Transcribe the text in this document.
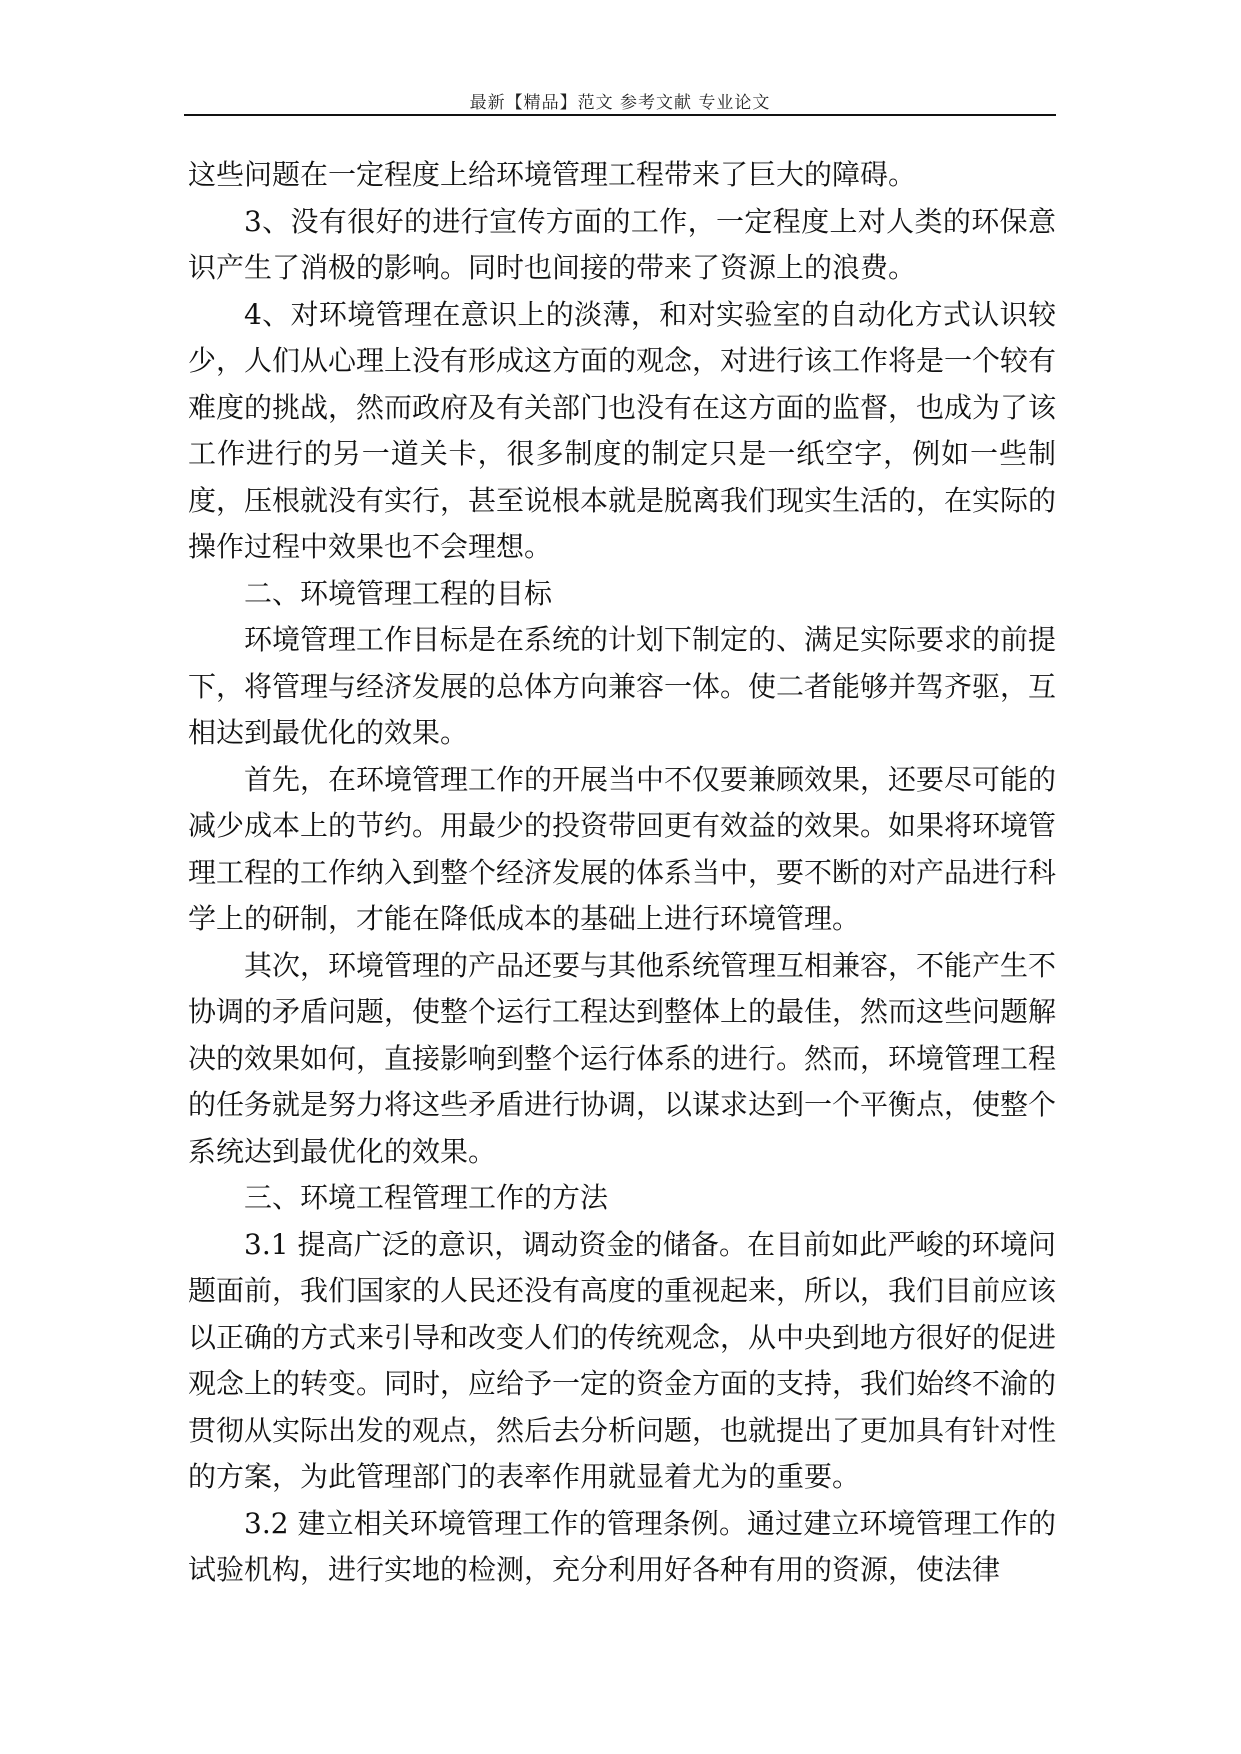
最新【精品】范文 参考文献 专业论文

这些问题在一定程度上给环境管理工程带来了巨大的障碍。

3、没有很好的进行宣传方面的工作，一定程度上对人类的环保意识产生了消极的影响。同时也间接的带来了资源上的浪费。

4、对环境管理在意识上的淡薄，和对实验室的自动化方式认识较少，人们从心理上没有形成这方面的观念，对进行该工作将是一个较有难度的挑战，然而政府及有关部门也没有在这方面的监督，也成为了该工作进行的另一道关卡，很多制度的制定只是一纸空字，例如一些制度，压根就没有实行，甚至说根本就是脱离我们现实生活的，在实际的操作过程中效果也不会理想。

二、环境管理工程的目标

环境管理工作目标是在系统的计划下制定的、满足实际要求的前提下，将管理与经济发展的总体方向兼容一体。使二者能够并驾齐驱，互相达到最优化的效果。

首先，在环境管理工作的开展当中不仅要兼顾效果，还要尽可能的减少成本上的节约。用最少的投资带回更有效益的效果。如果将环境管理工程的工作纳入到整个经济发展的体系当中，要不断的对产品进行科学上的研制，才能在降低成本的基础上进行环境管理。

其次，环境管理的产品还要与其他系统管理互相兼容，不能产生不协调的矛盾问题，使整个运行工程达到整体上的最佳，然而这些问题解决的效果如何，直接影响到整个运行体系的进行。然而，环境管理工程的任务就是努力将这些矛盾进行协调，以谋求达到一个平衡点，使整个系统达到最优化的效果。

三、环境工程管理工作的方法

3.1 提高广泛的意识，调动资金的储备。在目前如此严峻的环境问题面前，我们国家的人民还没有高度的重视起来，所以，我们目前应该以正确的方式来引导和改变人们的传统观念，从中央到地方很好的促进观念上的转变。同时，应给予一定的资金方面的支持，我们始终不渝的贯彻从实际出发的观点，然后去分析问题，也就提出了更加具有针对性的方案，为此管理部门的表率作用就显着尤为的重要。

3.2 建立相关环境管理工作的管理条例。通过建立环境管理工作的试验机构，进行实地的检测，充分利用好各种有用的资源，使法律
